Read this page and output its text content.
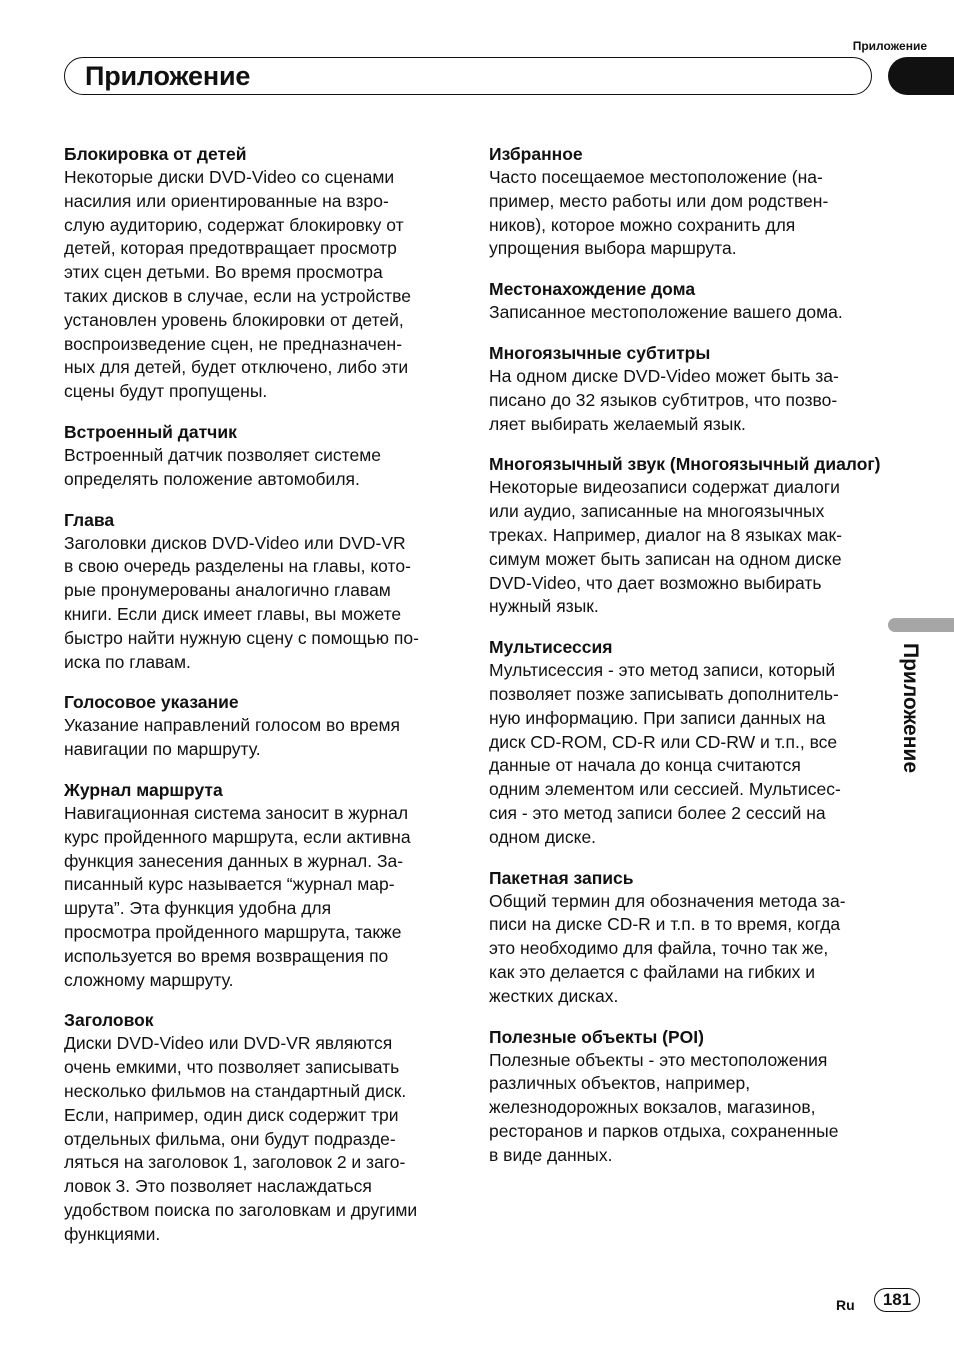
Приложение
Приложение
Приложение

Блокировка от детей

Некоторые диски DVD-Video со сценами
насилия или ориентированные на взро-
слую аудиторию, содержат блокировку от
детей, которая предотвращает просмотр
этих сцен детьми. Во время просмотра
таких дисков в случае, если на устройстве
установлен уровень блокировки от детей,
воспроизведение сцен, не предназначен-
ных для детей, будет отключено, либо эти
сцены будут пропущены.

Встроенный датчик

Встроенный датчик позволяет системе
определять положение автомобиля.

Глава

Заголовки дисков DVD-Video или DVD-VR
в свою очередь разделены на главы, кото-
рые пронумерованы аналогично главам
книги. Если диск имеет главы, вы можете
быстро найти нужную сцену с помощью по-
иска по главам.

Голосовое указание

Указание направлений голосом во время
навигации по маршруту.

Журнал маршрута

Навигационная система заносит в журнал
курс пройденного маршрута, если активна
функция занесения данных в журнал. За-
писанный курс называется “журнал мар-
шрута”. Эта функция удобна для
просмотра пройденного маршрута, также
используется во время возвращения по
сложному маршруту.

Заголовок

Диски DVD-Video или DVD-VR являются
очень емкими, что позволяет записывать
несколько фильмов на стандартный диск.
Если, например, один диск содержит три
отдельных фильма, они будут подразде-
ляться на заголовок 1, заголовок 2 и заго-
ловок 3. Это позволяет наслаждаться
удобством поиска по заголовкам и другими
функциями.

Избранное

Часто посещаемое местоположение (на-
пример, место работы или дом родствен-
ников), которое можно сохранить для
упрощения выбора маршрута.

Местонахождение дома

Записанное местоположение вашего дома.

Многоязычные субтитры

На одном диске DVD-Video может быть за-
писано до 32 языков субтитров, что позво-
ляет выбирать желаемый язык.

Многоязычный звук (Многоязычный диалог)

Некоторые видеозаписи содержат диалоги
или аудио, записанные на многоязычных
треках. Например, диалог на 8 языках мак-
симум может быть записан на одном диске
DVD-Video, что дает возможно выбирать
нужный язык.

Мультисессия

Мультисессия - это метод записи, который
позволяет позже записывать дополнитель-
ную информацию. При записи данных на
диск CD-ROM, CD-R или CD-RW и т.п., все
данные от начала до конца считаются
одним элементом или сессией. Мультисес-
сия - это метод записи более 2 сессий на
одном диске.

Пакетная запись

Общий термин для обозначения метода за-
писи на диске CD-R и т.п. в то время, когда
это необходимо для файла, точно так же,
как это делается с файлами на гибких и
жестких дисках.

Полезные объекты (POI)

Полезные объекты - это местоположения
различных объектов, например,
железнодорожных вокзалов, магазинов,
ресторанов и парков отдыха, сохраненные
в виде данных.

Ru	181
